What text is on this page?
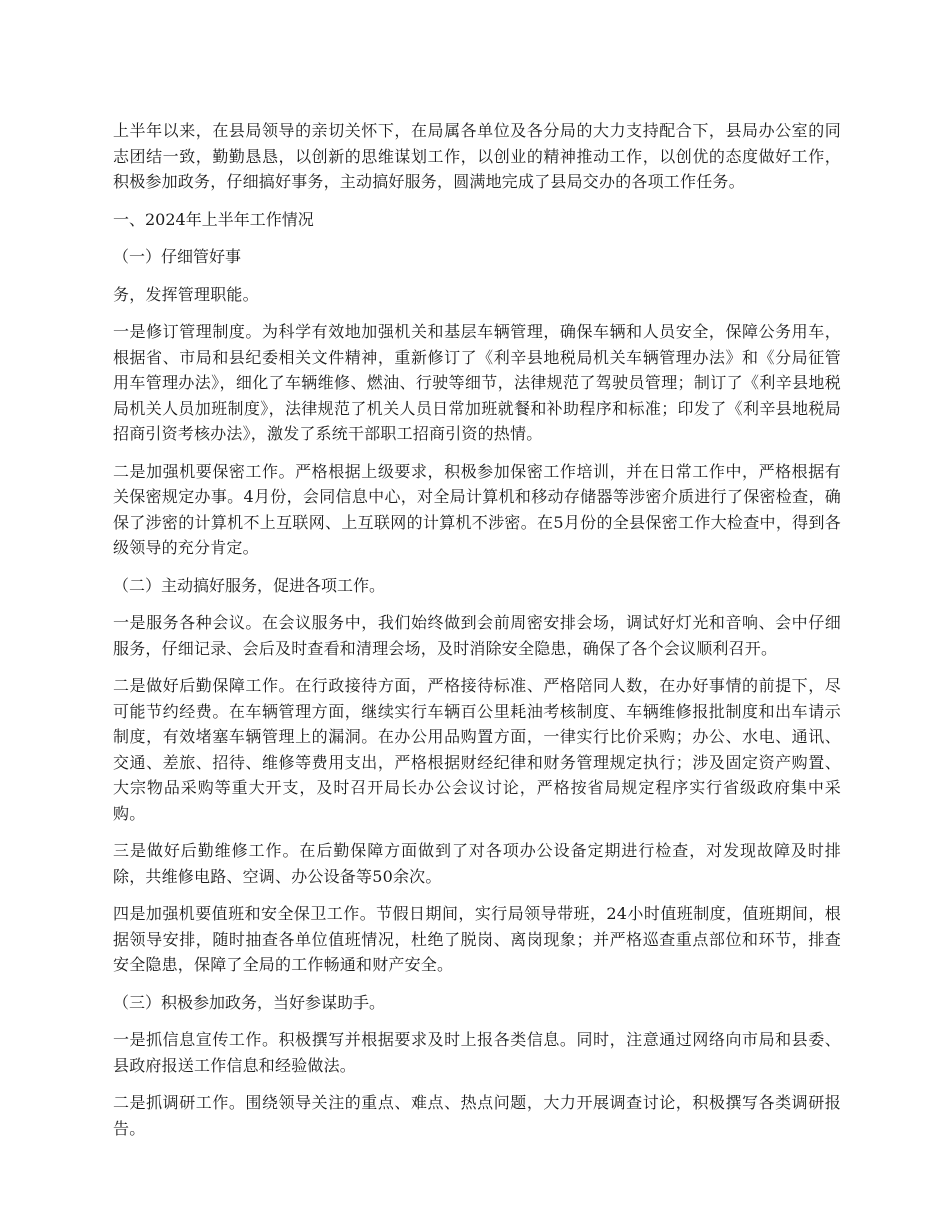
上半年以来，在县局领导的亲切关怀下，在局属各单位及各分局的大力支持配合下，县局办公室的同志团结一致，勤勤恳恳，以创新的思维谋划工作，以创业的精神推动工作，以创优的态度做好工作，积极参加政务，仔细搞好事务，主动搞好服务，圆满地完成了县局交办的各项工作任务。

一、2024年上半年工作情况

（一）仔细管好事

务，发挥管理职能。

一是修订管理制度。为科学有效地加强机关和基层车辆管理，确保车辆和人员安全，保障公务用车，根据省、市局和县纪委相关文件精神，重新修订了《利辛县地税局机关车辆管理办法》和《分局征管用车管理办法》，细化了车辆维修、燃油、行驶等细节，法律规范了驾驶员管理；制订了《利辛县地税局机关人员加班制度》，法律规范了机关人员日常加班就餐和补助程序和标准；印发了《利辛县地税局招商引资考核办法》，激发了系统干部职工招商引资的热情。

二是加强机要保密工作。严格根据上级要求，积极参加保密工作培训，并在日常工作中，严格根据有关保密规定办事。4月份，会同信息中心，对全局计算机和移动存储器等涉密介质进行了保密检查，确保了涉密的计算机不上互联网、上互联网的计算机不涉密。在5月份的全县保密工作大检查中，得到各级领导的充分肯定。

（二）主动搞好服务，促进各项工作。

一是服务各种会议。在会议服务中，我们始终做到会前周密安排会场，调试好灯光和音响、会中仔细服务，仔细记录、会后及时查看和清理会场，及时消除安全隐患，确保了各个会议顺利召开。

二是做好后勤保障工作。在行政接待方面，严格接待标准、严格陪同人数，在办好事情的前提下，尽可能节约经费。在车辆管理方面，继续实行车辆百公里耗油考核制度、车辆维修报批制度和出车请示制度，有效堵塞车辆管理上的漏洞。在办公用品购置方面，一律实行比价采购；办公、水电、通讯、交通、差旅、招待、维修等费用支出，严格根据财经纪律和财务管理规定执行；涉及固定资产购置、大宗物品采购等重大开支，及时召开局长办公会议讨论，严格按省局规定程序实行省级政府集中采购。

三是做好后勤维修工作。在后勤保障方面做到了对各项办公设备定期进行检查，对发现故障及时排除，共维修电路、空调、办公设备等50余次。

四是加强机要值班和安全保卫工作。节假日期间，实行局领导带班，24小时值班制度，值班期间，根据领导安排，随时抽查各单位值班情况，杜绝了脱岗、离岗现象；并严格巡查重点部位和环节，排查安全隐患，保障了全局的工作畅通和财产安全。

（三）积极参加政务，当好参谋助手。

一是抓信息宣传工作。积极撰写并根据要求及时上报各类信息。同时，注意通过网络向市局和县委、县政府报送工作信息和经验做法。

二是抓调研工作。围绕领导关注的重点、难点、热点问题，大力开展调查讨论，积极撰写各类调研报告。
